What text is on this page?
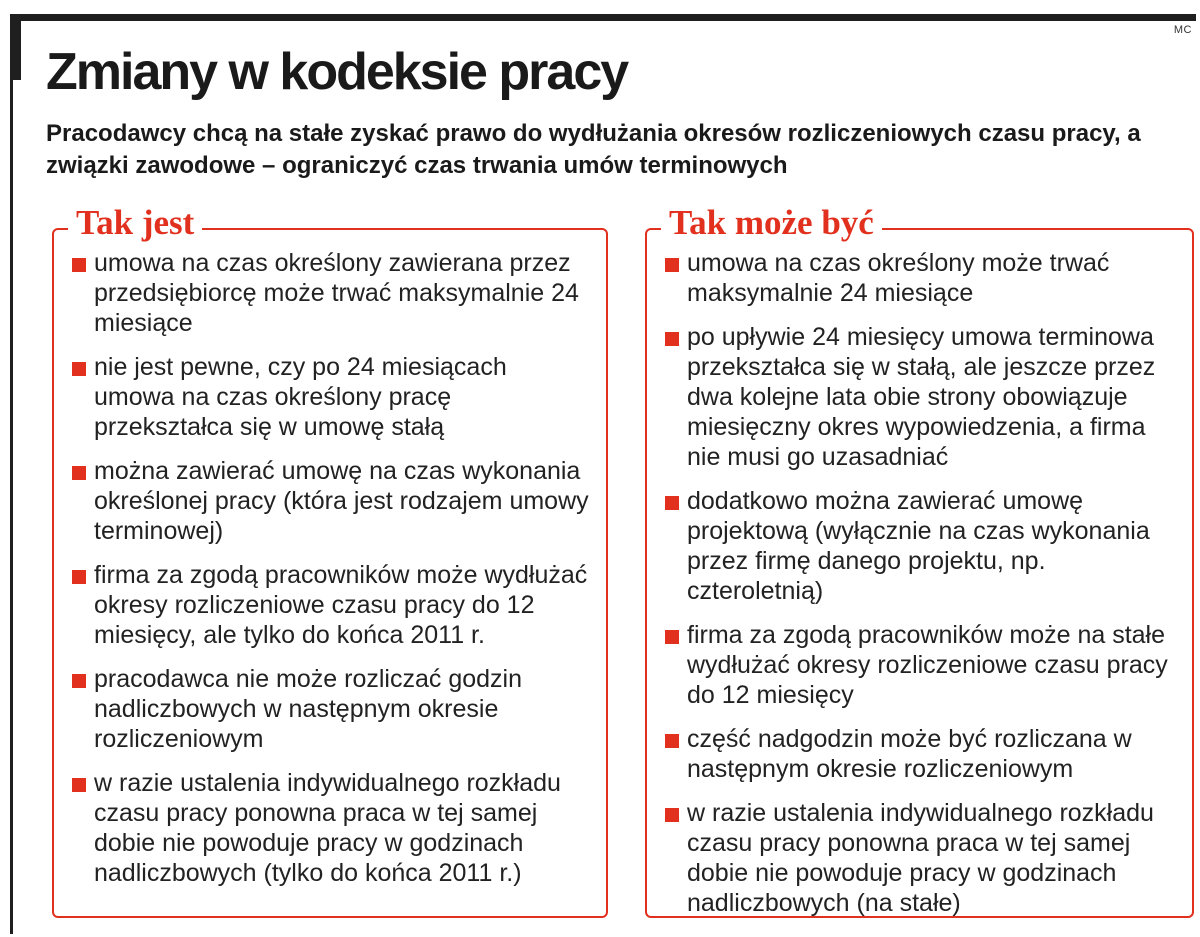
MC
Zmiany w kodeksie pracy

Pracodawcy chcą na stałe zyskać prawo do wydłużania okresów rozliczeniowych czasu pracy, a związki zawodowe – ograniczyć czas trwania umów terminowych

Tak jest
umowa na czas określony zawierana przez przedsiębiorcę może trwać maksymalnie 24 miesiące
nie jest pewne, czy po 24 miesiącach umowa na czas określony pracę przekształca się w umowę stałą
można zawierać umowę na czas wykonania określonej pracy (która jest rodzajem umowy terminowej)
firma za zgodą pracowników może wydłużać okresy rozliczeniowe czasu pracy do 12 miesięcy, ale tylko do końca 2011 r.
pracodawca nie może rozliczać godzin nadliczbowych w następnym okresie rozliczeniowym
w razie ustalenia indywidualnego rozkładu czasu pracy ponowna praca w tej samej dobie nie powoduje pracy w godzinach nadliczbowych (tylko do końca 2011 r.)
Tak może być
umowa na czas określony może trwać maksymalnie 24 miesiące
po upływie 24 miesięcy umowa terminowa przekształca się w stałą, ale jeszcze przez dwa kolejne lata obie strony obowiązuje miesięczny okres wypowiedzenia, a firma nie musi go uzasadniać
dodatkowo można zawierać umowę projektową (wyłącznie na czas wykonania przez firmę danego projektu, np. czteroletnią)
firma za zgodą pracowników może na stałe wydłużać okresy rozliczeniowe czasu pracy do 12 miesięcy
część nadgodzin może być rozliczana w następnym okresie rozliczeniowym
w razie ustalenia indywidualnego rozkładu czasu pracy ponowna praca w tej samej dobie nie powoduje pracy w godzinach nadliczbowych (na stałe)
